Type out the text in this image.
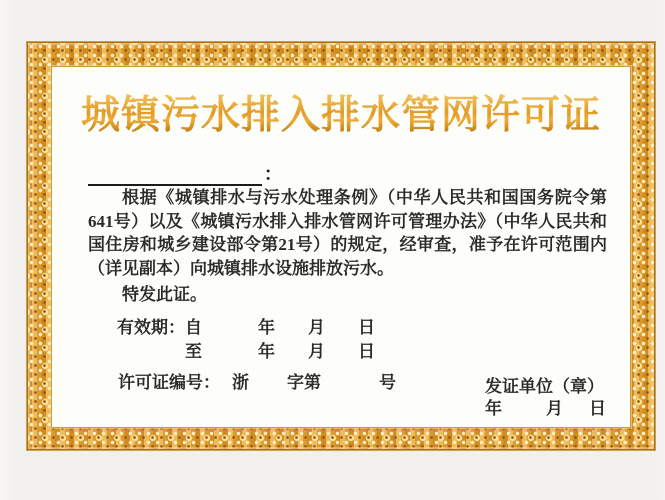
城镇污水排入排水管网许可证
：

根据《城镇排水与污水处理条例》（中华人民共和国国务院令第641号）以及《城镇污水排入排水管网许可管理办法》（中华人民共和国住房和城乡建设部令第21号）的规定，经审查，准予在许可范围内（详见副本）向城镇排水设施排放污水。

特发此证。

有效期：自	年 月 日
至	年 月 日
许可证编号： 浙 字第	号	发证单位（章）
年	月 日
